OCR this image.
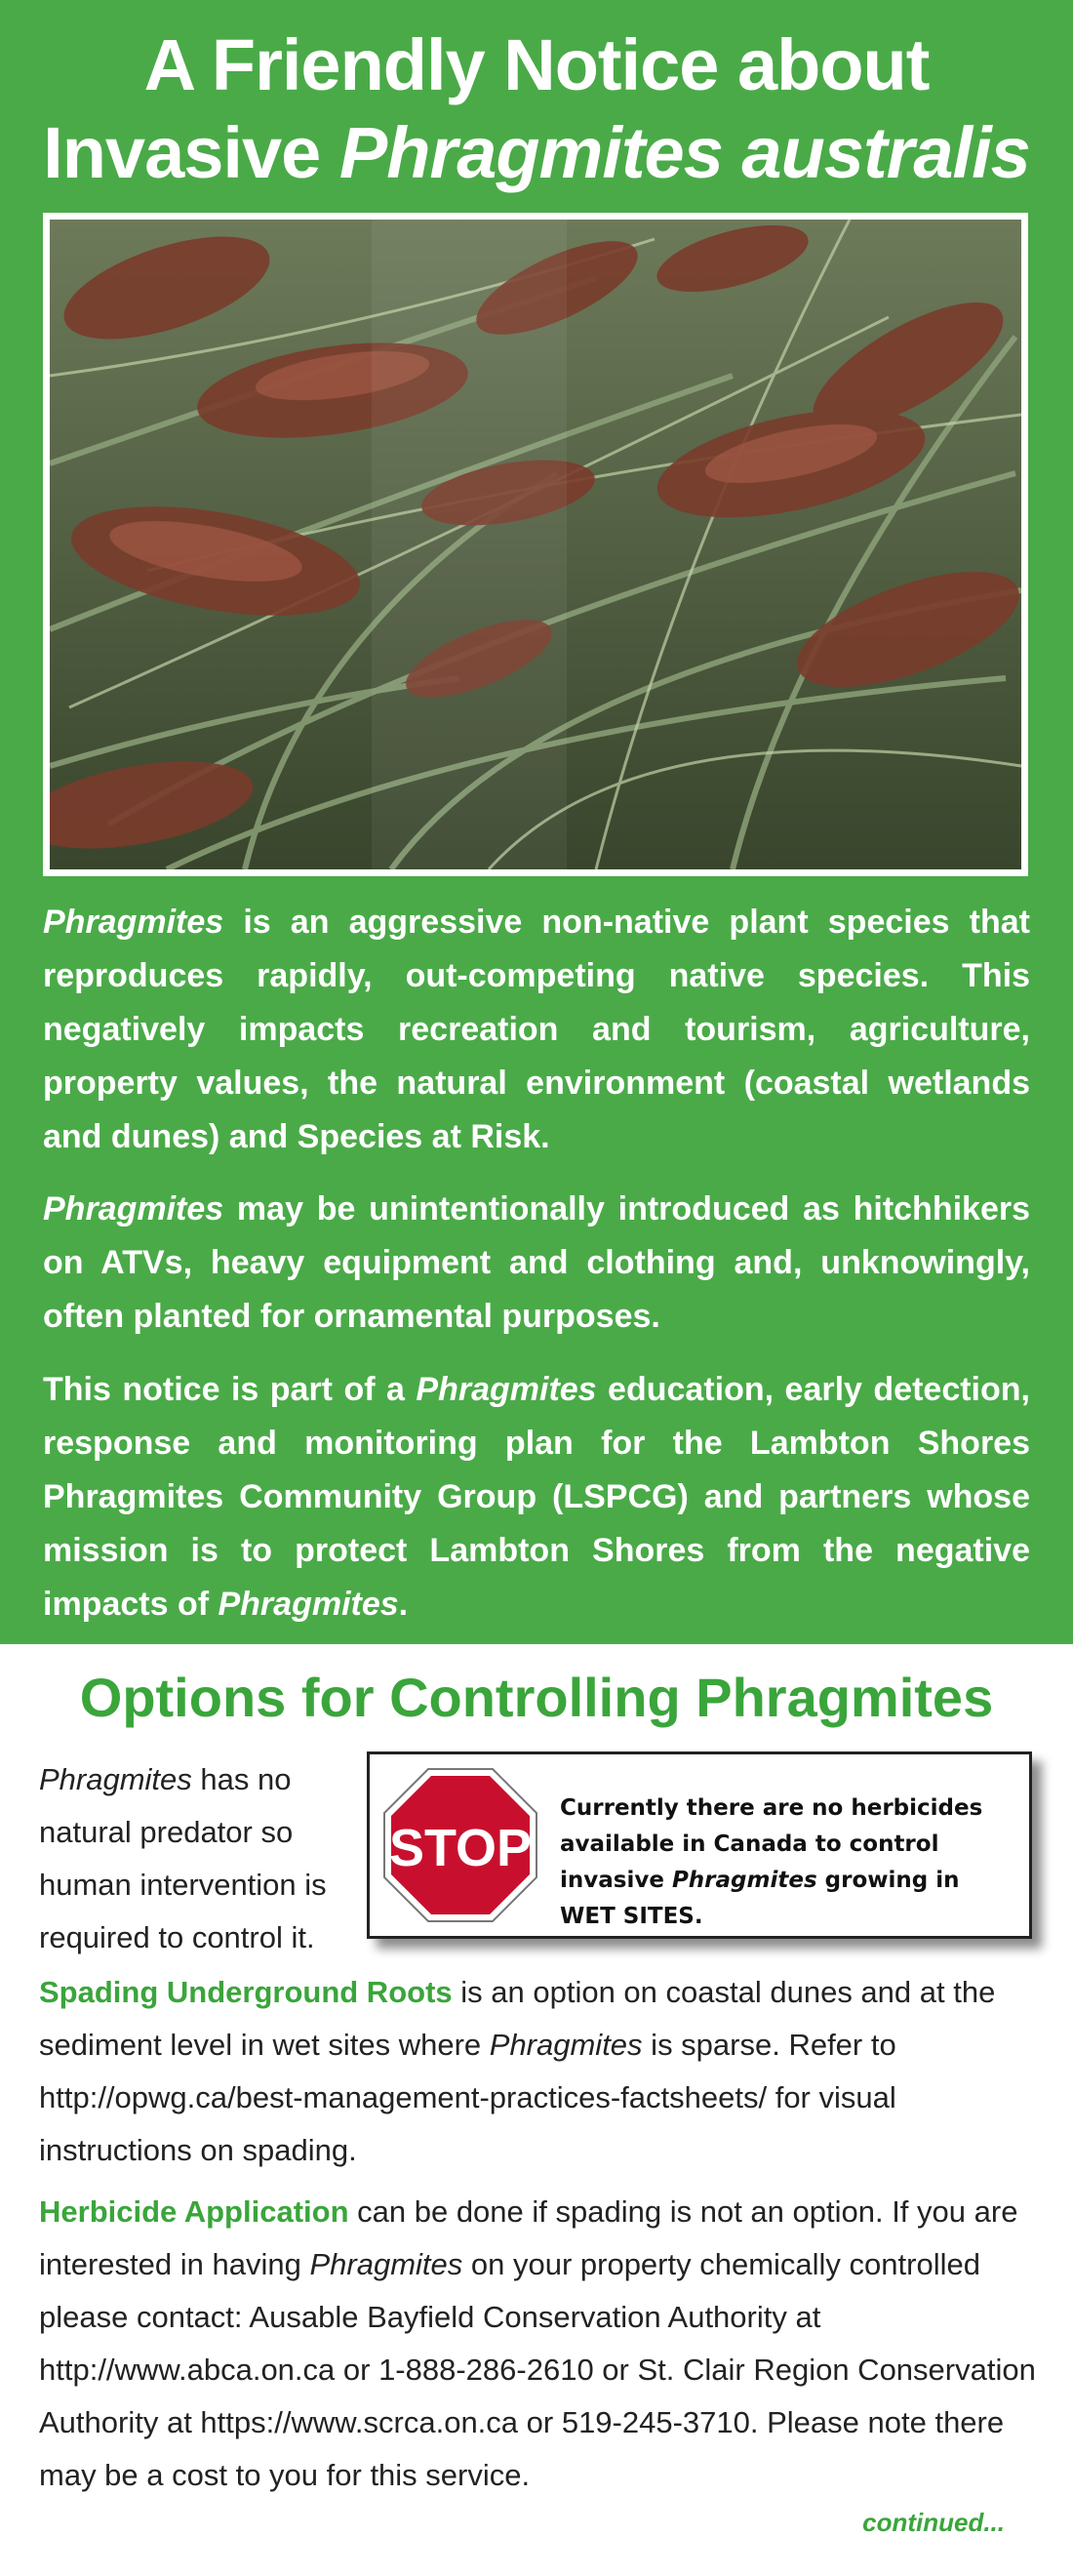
A Friendly Notice about
Invasive Phragmites australis

Phragmites is an aggressive non-native plant species that reproduces rapidly, out-competing native species. This negatively impacts recreation and tourism, agriculture, property values, the natural environment (coastal wetlands and dunes) and Species at Risk.

Phragmites may be unintentionally introduced as hitchhikers on ATVs, heavy equipment and clothing and, unknowingly, often planted for ornamental purposes.

This notice is part of a Phragmites education, early detection, response and monitoring plan for the Lambton Shores Phragmites Community Group (LSPCG) and partners whose mission is to protect Lambton Shores from the negative impacts of Phragmites.

Options for Controlling Phragmites

Phragmites has no natural predator so human intervention is required to control it.

STOP
Currently there are no herbicides available in Canada to control invasive Phragmites growing in WET SITES.

Spading Underground Roots is an option on coastal dunes and at the sediment level in wet sites where Phragmites is sparse. Refer to http://opwg.ca/best-management-practices-factsheets/ for visual instructions on spading.

Herbicide Application can be done if spading is not an option. If you are interested in having Phragmites on your property chemically controlled please contact: Ausable Bayfield Conservation Authority at http://www.abca.on.ca or 1-888-286-2610 or St. Clair Region Conservation Authority at https://www.scrca.on.ca or 519-245-3710. Please note there may be a cost to you for this service.

continued...
